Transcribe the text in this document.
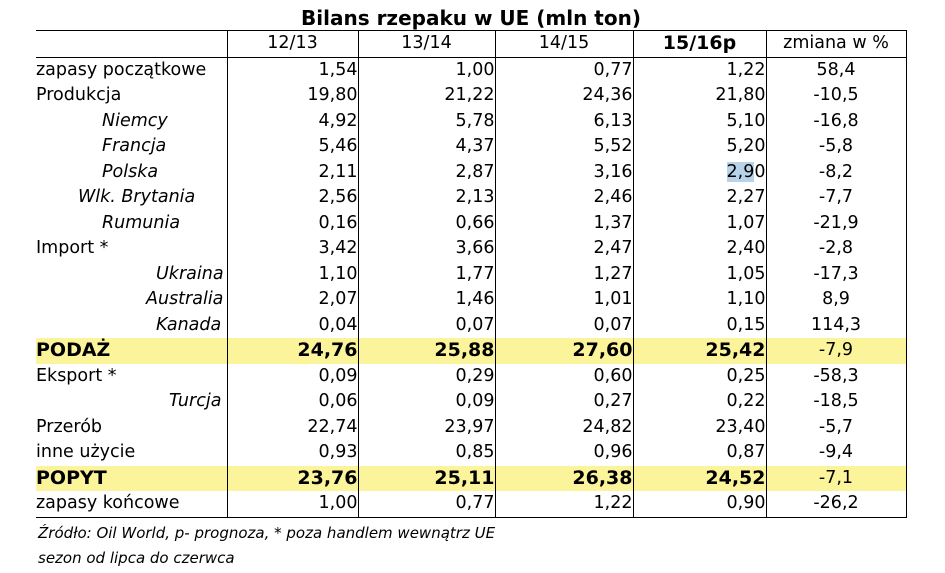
Bilans rzepaku w UE (mln ton)
	12/13	13/14	14/15	15/16p	zmiana w %
zapasy początkowe	1,54	1,00	0,77	1,22	58,4
Produkcja	19,80	21,22	24,36	21,80	-10,5
Niemcy	4,92	5,78	6,13	5,10	-16,8
Francja	5,46	4,37	5,52	5,20	-5,8
Polska	2,11	2,87	3,16	2,90	-8,2
Wlk. Brytania	2,56	2,13	2,46	2,27	-7,7
Rumunia	0,16	0,66	1,37	1,07	-21,9
Import *	3,42	3,66	2,47	2,40	-2,8
Ukraina	1,10	1,77	1,27	1,05	-17,3
Australia	2,07	1,46	1,01	1,10	8,9
Kanada	0,04	0,07	0,07	0,15	114,3
PODAŻ	24,76	25,88	27,60	25,42	-7,9
Eksport *	0,09	0,29	0,60	0,25	-58,3
Turcja	0,06	0,09	0,27	0,22	-18,5
Przerób	22,74	23,97	24,82	23,40	-5,7
inne użycie	0,93	0,85	0,96	0,87	-9,4
POPYT	23,76	25,11	26,38	24,52	-7,1
zapasy końcowe	1,00	0,77	1,22	0,90	-26,2
Źródło: Oil World, p- prognoza, * poza handlem wewnątrz UE
sezon od lipca do czerwca
